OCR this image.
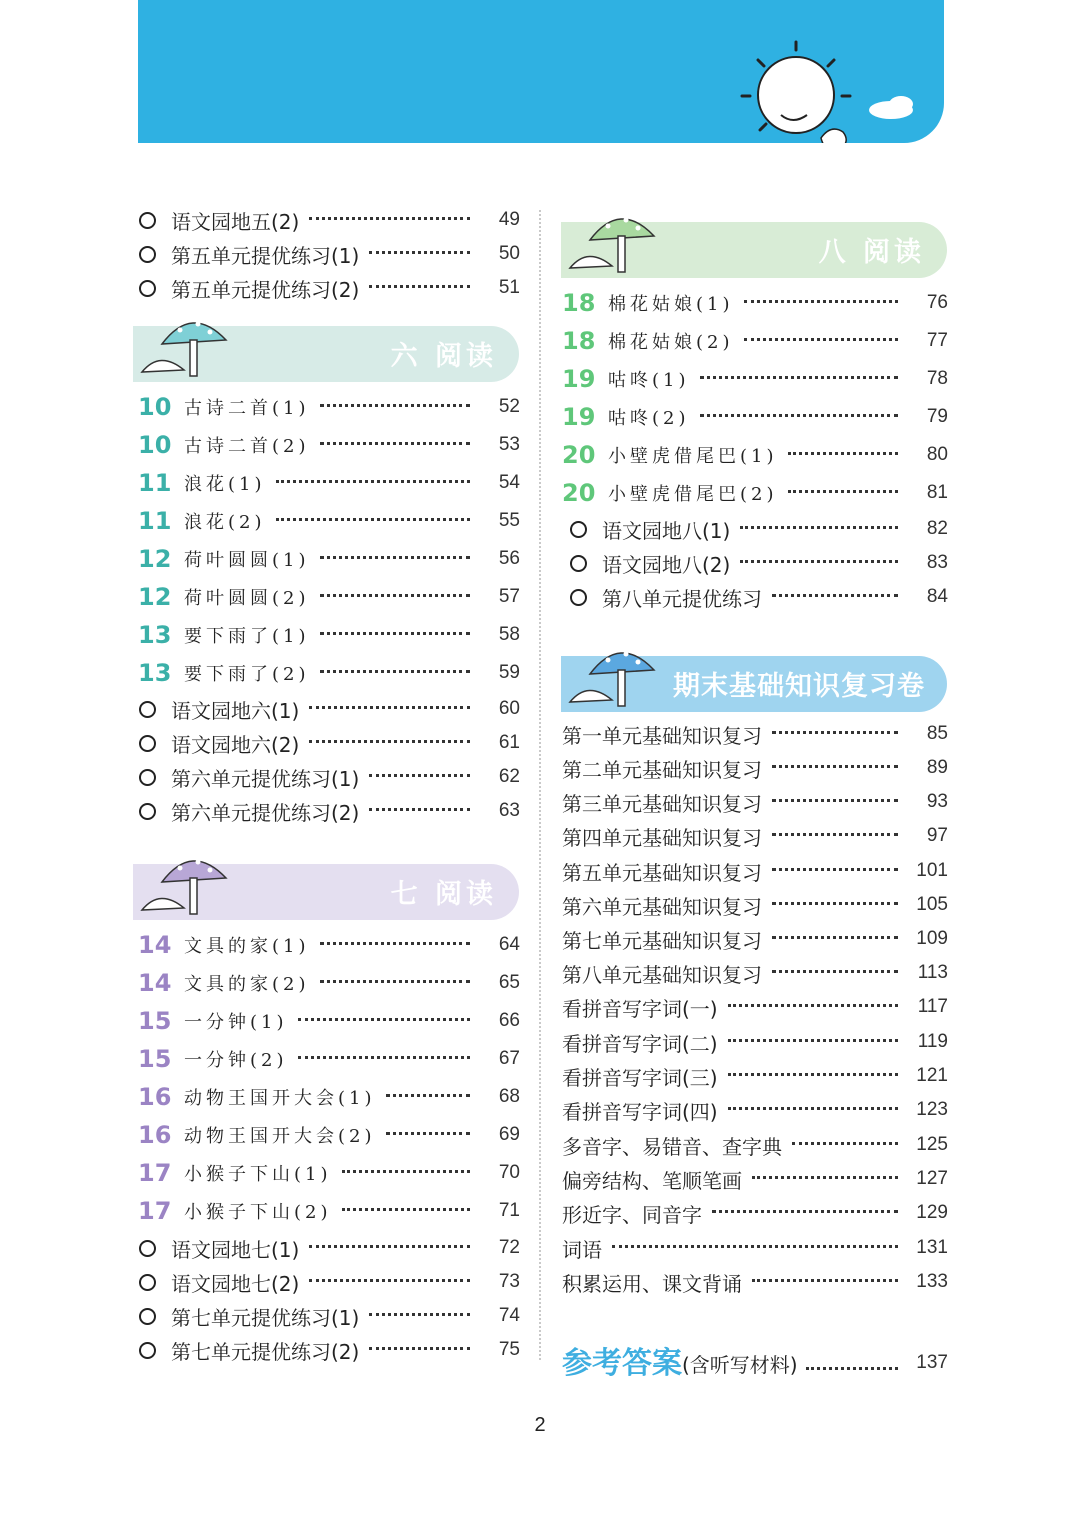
语文园地五(2)	49
第五单元提优练习(1)	50
第五单元提优练习(2)	51
六 阅读
10 古诗二首(1)	52
10 古诗二首(2)	53
11 浪花(1)	54
11 浪花(2)	55
12 荷叶圆圆(1)	56
12 荷叶圆圆(2)	57
13 要下雨了(1)	58
13 要下雨了(2)	59
语文园地六(1)	60
语文园地六(2)	61
第六单元提优练习(1)	62
第六单元提优练习(2)	63
七 阅读
14 文具的家(1)	64
14 文具的家(2)	65
15 一分钟(1)	66
15 一分钟(2)	67
16 动物王国开大会(1)	68
16 动物王国开大会(2)	69
17 小猴子下山(1)	70
17 小猴子下山(2)	71
语文园地七(1)	72
语文园地七(2)	73
第七单元提优练习(1)	74
第七单元提优练习(2)	75
八 阅读
18 棉花姑娘(1)	76
18 棉花姑娘(2)	77
19 咕咚(1)	78
19 咕咚(2)	79
20 小壁虎借尾巴(1)	80
20 小壁虎借尾巴(2)	81
语文园地八(1)	82
语文园地八(2)	83
第八单元提优练习	84
期末基础知识复习卷
第一单元基础知识复习	85
第二单元基础知识复习	89
第三单元基础知识复习	93
第四单元基础知识复习	97
第五单元基础知识复习	101
第六单元基础知识复习	105
第七单元基础知识复习	109
第八单元基础知识复习	113
看拼音写字词(一)	117
看拼音写字词(二)	119
看拼音写字词(三)	121
看拼音写字词(四)	123
多音字、易错音、查字典	125
偏旁结构、笔顺笔画	127
形近字、同音字	129
词语	131
积累运用、课文背诵	133
参考答案 (含听写材料)	137
2
